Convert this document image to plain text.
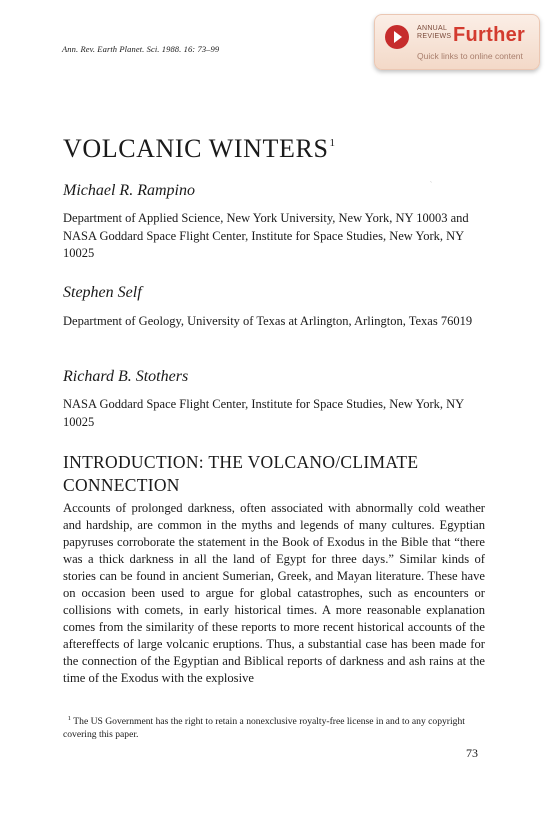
Ann. Rev. Earth Planet. Sci. 1988. 16: 73–99
ANNUAL
REVIEWS Further
Quick links to online content
VOLCANIC WINTERS$^1$
`

Michael R. Rampino

Department of Applied Science, New York University, New York, NY 10003 and NASA Goddard Space Flight Center, Institute for Space Studies, New York, NY 10025

Stephen Self

Department of Geology, University of Texas at Arlington, Arlington, Texas 76019

Richard B. Stothers

NASA Goddard Space Flight Center, Institute for Space Studies, New York, NY 10025

INTRODUCTION: THE VOLCANO/CLIMATE CONNECTION

Accounts of prolonged darkness, often associated with abnormally cold weather and hardship, are common in the myths and legends of many cultures. Egyptian papyruses corroborate the statement in the Book of Exodus in the Bible that “there was a thick darkness in all the land of Egypt for three days.” Similar kinds of stories can be found in ancient Sumerian, Greek, and Mayan literature. These have on occasion been used to argue for global catastrophes, such as encounters or collisions with comets, in early historical times. A more reasonable explanation comes from the similarity of these reports to more recent historical accounts of the aftereffects of large volcanic eruptions. Thus, a substantial case has been made for the connection of the Egyptian and Biblical reports of darkness and ash rains at the time of the Exodus with the explosive

$^1$ The US Government has the right to retain a nonexclusive royalty-free license in and to any copyright covering this paper.

73
